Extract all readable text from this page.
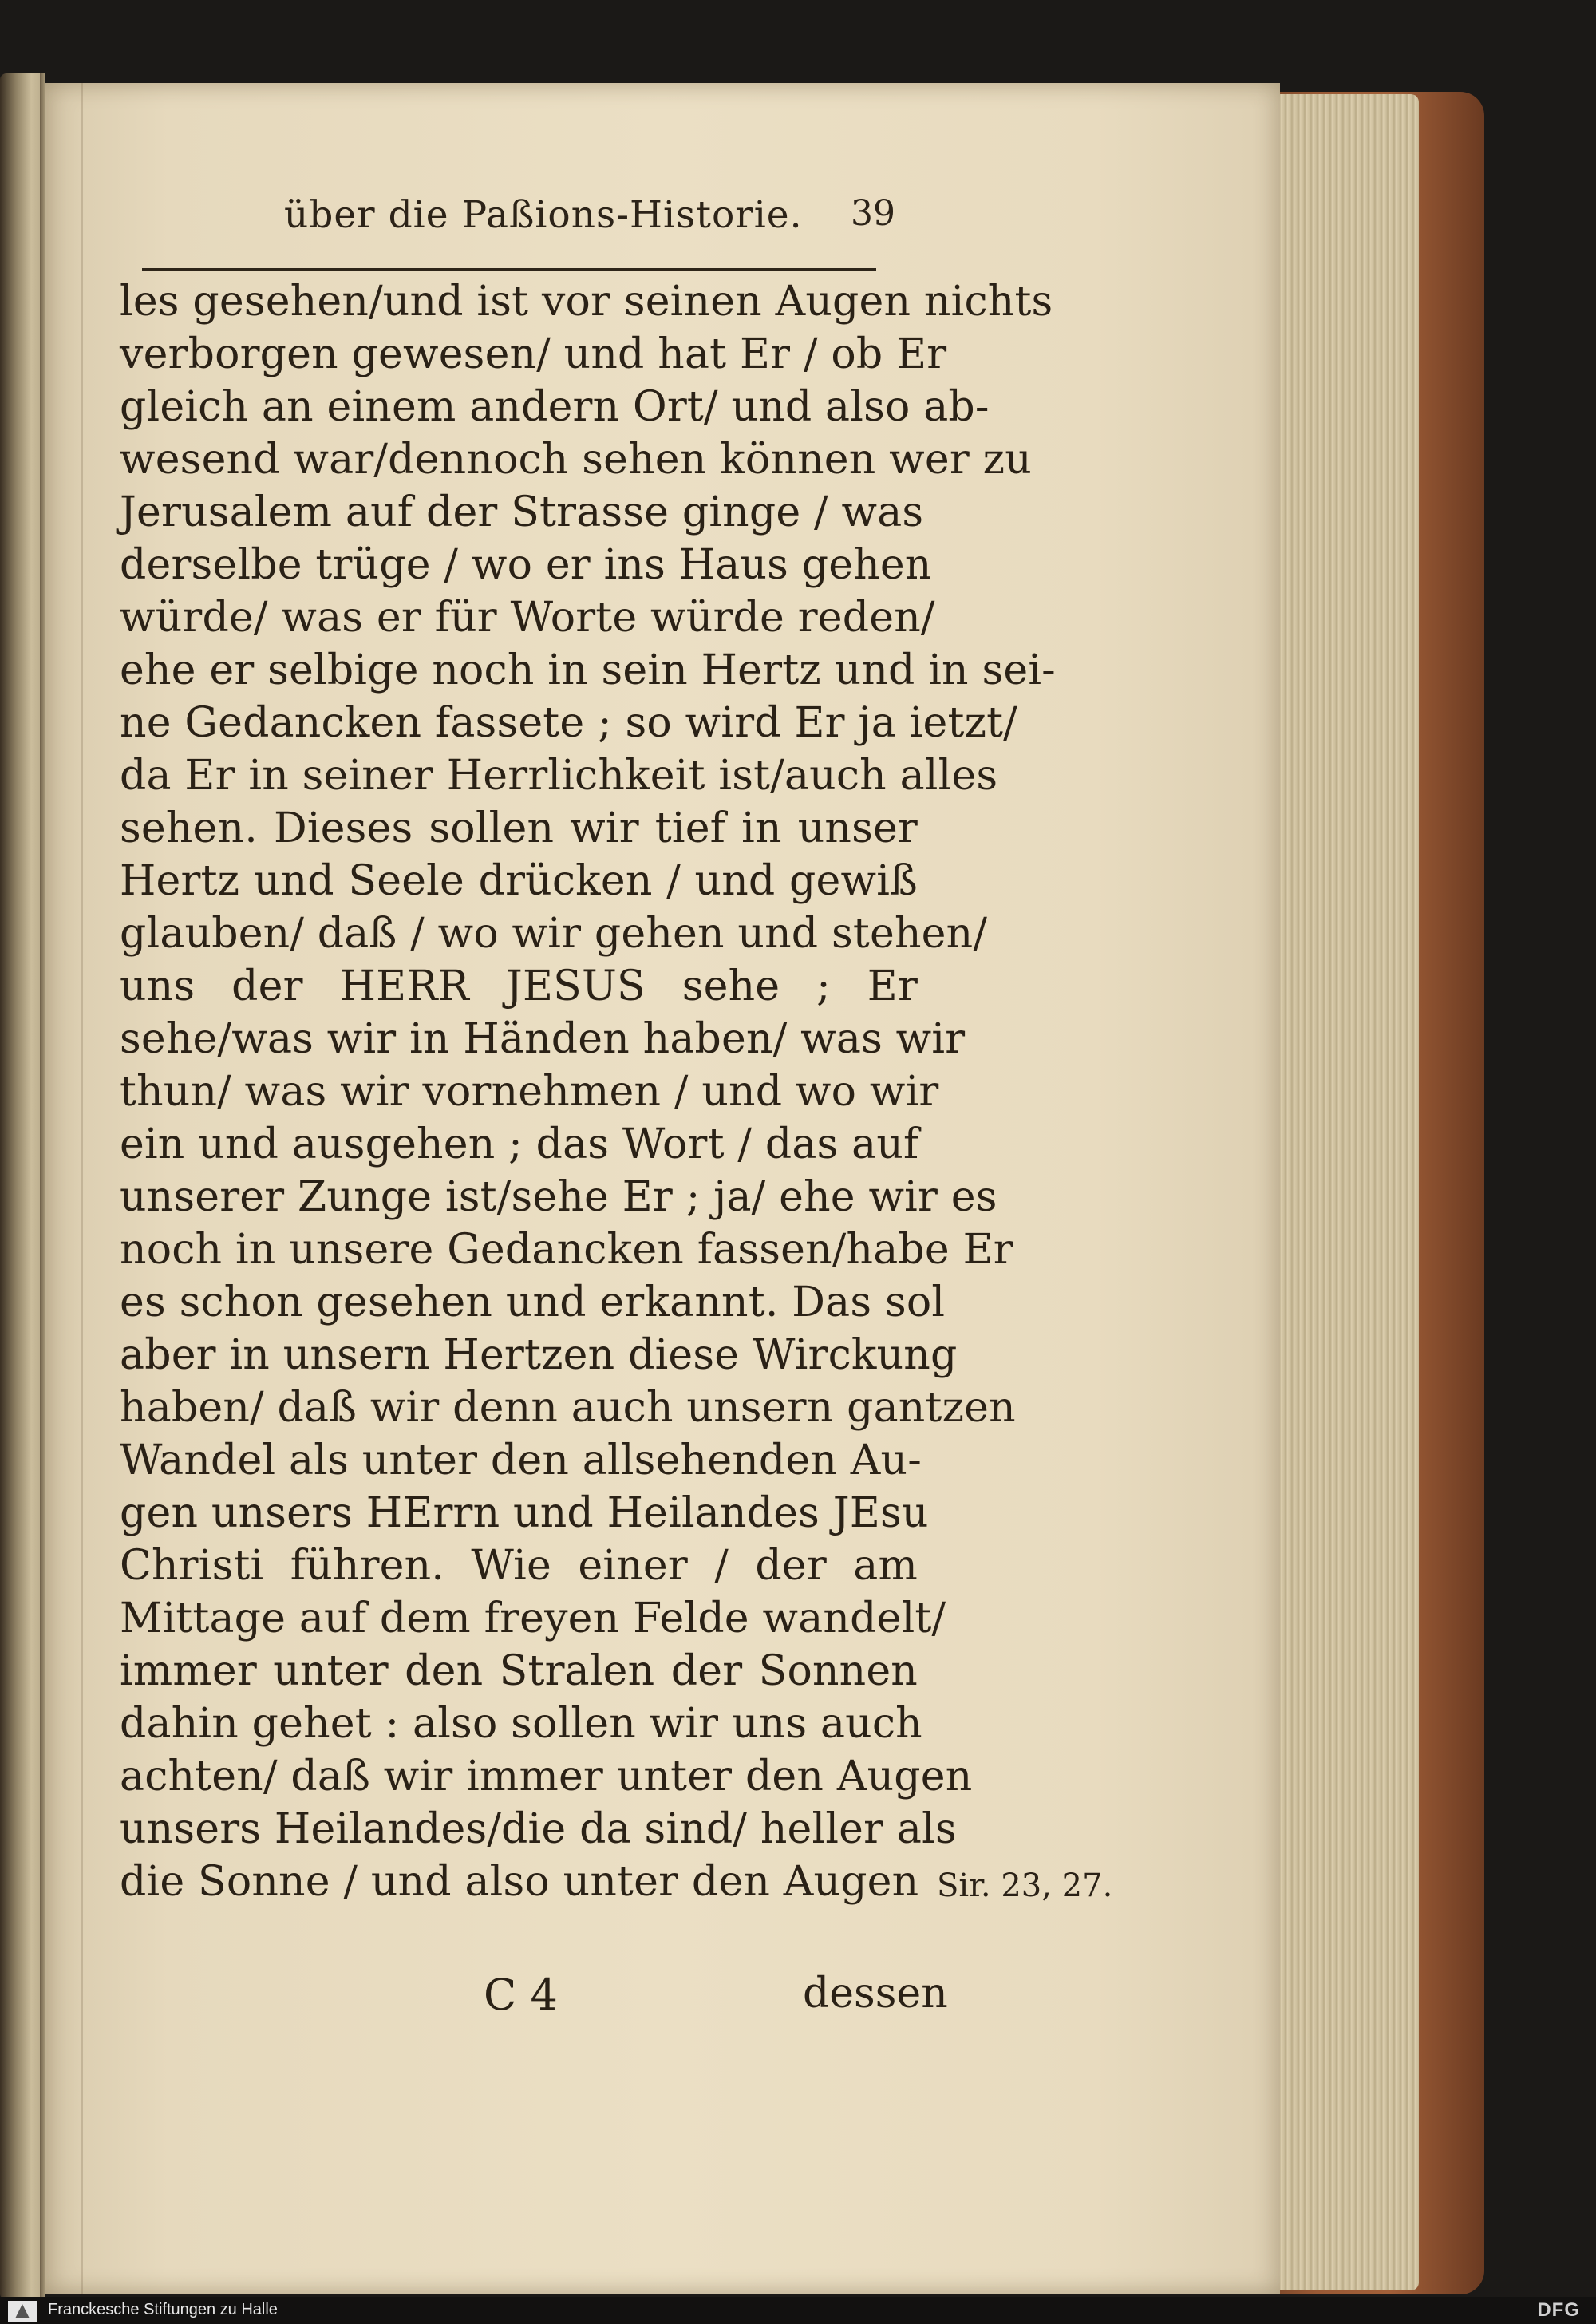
über die Paßions-Historie. 39
les gesehen/und ist vor seinen Augen nichts
verborgen gewesen/ und hat Er / ob Er
gleich an einem andern Ort/ und also ab-
wesend war/dennoch sehen können wer zu
Jerusalem auf der Strasse ginge / was
derselbe trüge / wo er ins Haus gehen
würde/ was er für Worte würde reden/
ehe er selbige noch in sein Hertz und in sei-
ne Gedancken fassete ; so wird Er ja ietzt/
da Er in seiner Herrlichkeit ist/auch alles
sehen. Dieses sollen wir tief in unser
Hertz und Seele drücken / und gewiß
glauben/ daß / wo wir gehen und stehen/
uns der HERR JESUS sehe ; Er
sehe/was wir in Händen haben/ was wir
thun/ was wir vornehmen / und wo wir
ein und ausgehen ; das Wort / das auf
unserer Zunge ist/sehe Er ; ja/ ehe wir es
noch in unsere Gedancken fassen/habe Er
es schon gesehen und erkannt. Das sol
aber in unsern Hertzen diese Wirckung
haben/ daß wir denn auch unsern gantzen
Wandel als unter den allsehenden Au-
gen unsers HErrn und Heilandes JEsu
Christi führen. Wie einer / der am
Mittage auf dem freyen Felde wandelt/
immer unter den Stralen der Sonnen
dahin gehet : also sollen wir uns auch
achten/ daß wir immer unter den Augen
unsers Heilandes/die da sind/ heller als
die Sonne / und also unter den Augen Sir. 23, 27.
C 4	dessen
Franckesche Stiftungen zu Halle	DFG
